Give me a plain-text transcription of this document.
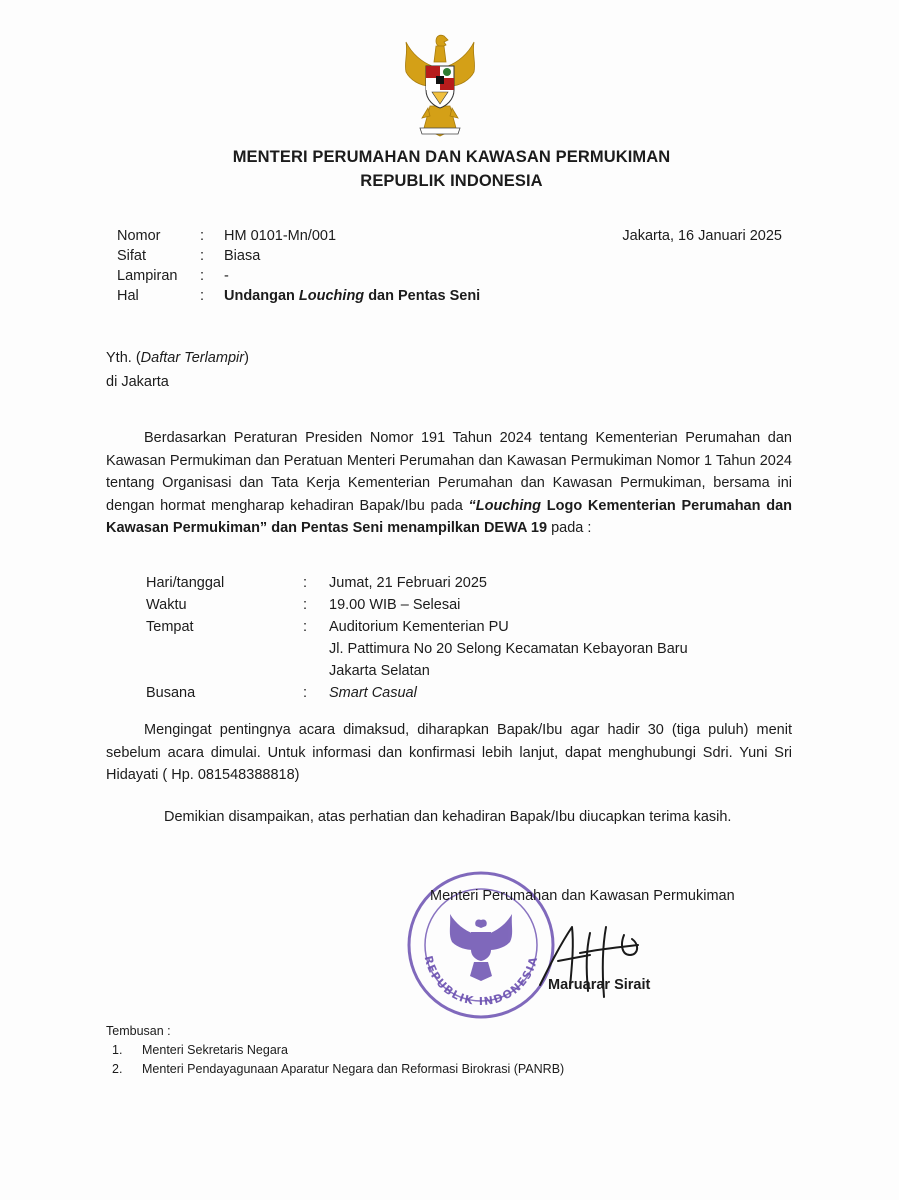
MENTERI PERUMAHAN DAN KAWASAN PERMUKIMAN
REPUBLIK INDONESIA
Nomor	:	HM 0101-Mn/001
Sifat	:	Biasa
Lampiran	:	-
Hal	:	Undangan Louching dan Pentas Seni
Jakarta, 16 Januari 2025
Yth. (Daftar Terlampir)
di Jakarta
Berdasarkan Peraturan Presiden Nomor 191 Tahun 2024 tentang Kementerian Perumahan dan Kawasan Permukiman dan Peratuan Menteri Perumahan dan Kawasan Permukiman Nomor 1 Tahun 2024 tentang Organisasi dan Tata Kerja Kementerian Perumahan dan Kawasan Permukiman, bersama ini dengan hormat mengharap kehadiran Bapak/Ibu pada “Louching Logo Kementerian Perumahan dan Kawasan Permukiman” dan Pentas Seni menampilkan DEWA 19 pada :
Hari/tanggal	:	Jumat, 21 Februari 2025
Waktu	:	19.00 WIB – Selesai
Tempat	:	Auditorium Kementerian PU
Jl. Pattimura No 20 Selong Kecamatan Kebayoran Baru
Jakarta Selatan
Busana	:	Smart Casual
Mengingat pentingnya acara dimaksud, diharapkan Bapak/Ibu agar hadir 30 (tiga puluh) menit sebelum acara dimulai. Untuk informasi dan konfirmasi lebih lanjut, dapat menghubungi Sdri. Yuni Sri Hidayati ( Hp. 081548388818)
Demikian disampaikan, atas perhatian dan kehadiran Bapak/Ibu diucapkan terima kasih.
REPUBLIK INDONESIA
Menteri Perumahan dan Kawasan Permukiman
Maruarar Sirait
Tembusan :
1.	Menteri Sekretaris Negara
2.	Menteri Pendayagunaan Aparatur Negara dan Reformasi Birokrasi (PANRB)
